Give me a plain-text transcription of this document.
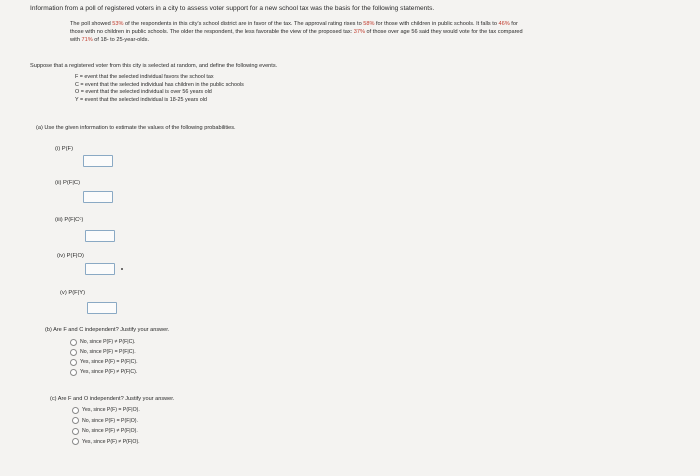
Information from a poll of registered voters in a city to assess voter support for a new school tax was the basis for the following statements.
The poll showed 53% of the respondents in this city's school district are in favor of the tax. The approval rating rises to 58% for those with children in public schools. It falls to 46% for
those with no children in public schools. The older the respondent, the less favorable the view of the proposed tax: 37% of those over age 56 said they would vote for the tax compared
with 71% of 18- to 25-year-olds.
Suppose that a registered voter from this city is selected at random, and define the following events.
F = event that the selected individual favors the school tax
C = event that the selected individual has children in the public schools
O = event that the selected individual is over 56 years old
Y = event that the selected individual is 18-25 years old
(a) Use the given information to estimate the values of the following probabilities.
(i) P(F)
(ii) P(F|C)
(iii) P(F|Cᶜ)
(iv) P(F|O)
(v) P(F|Y)
(b) Are F and C independent? Justify your answer.
No, since P(F) ≠ P(F|C).
No, since P(F) = P(F|C).
Yes, since P(F) = P(F|C).
Yes, since P(F) ≠ P(F|C).
(c) Are F and O independent? Justify your answer.
Yes, since P(F) = P(F|O).
No, since P(F) = P(F|O).
No, since P(F) ≠ P(F|O).
Yes, since P(F) ≠ P(F|O).
